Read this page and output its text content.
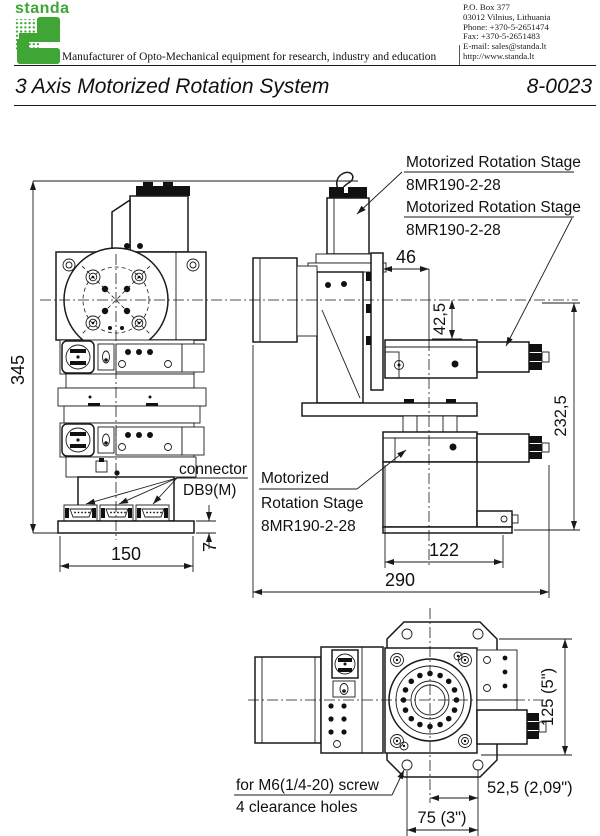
standa	P.O. Box 377
03012 Vilnius, Lithuania
Phone: +370-5-2651474
Fax: +370-5-2651483
E-mail: sales@standa.lt
http://www.standa.lt
Manufacturer of Opto-Mechanical equipment for research, industry and education
3 Axis Motorized Rotation System	8-0023
345
150	7
46
42,5
232,5
122
290
125 (5")
52,5 (2,09")
75 (3")
Motorized Rotation Stage
8MR190-2-28
Motorized Rotation Stage
8MR190-2-28
Motorized
Rotation Stage
8MR190-2-28
connector
DB9(M)
for M6(1/4-20) screw
4 clearance holes
